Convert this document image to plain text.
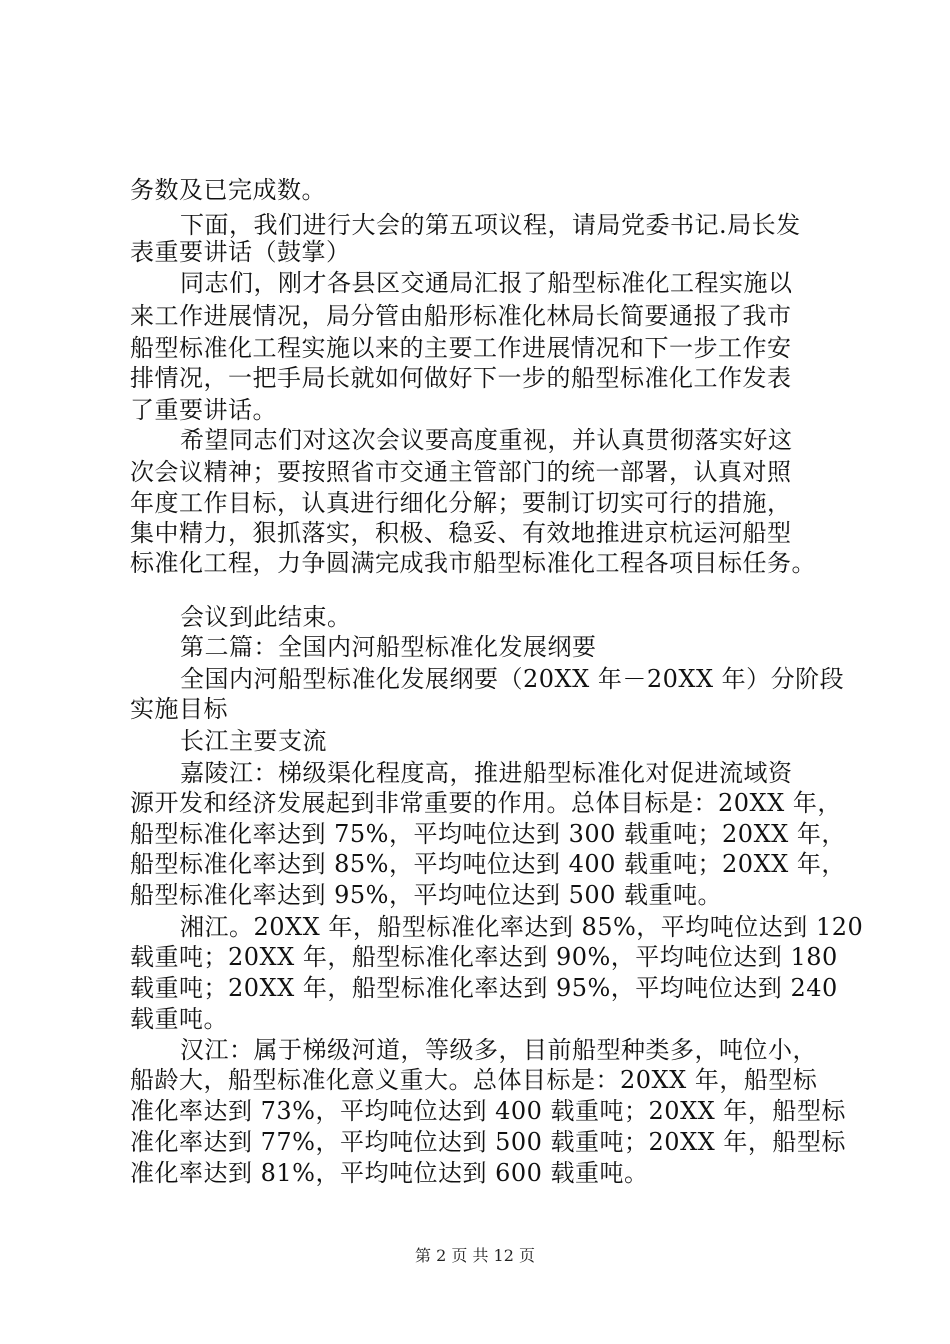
务数及已完成数。
下面，我们进行大会的第五项议程，请局党委书记.局长发
表重要讲话（鼓掌）
同志们，刚才各县区交通局汇报了船型标准化工程实施以
来工作进展情况，局分管由船形标准化林局长简要通报了我市
船型标准化工程实施以来的主要工作进展情况和下一步工作安
排情况，一把手局长就如何做好下一步的船型标准化工作发表
了重要讲话。
希望同志们对这次会议要高度重视，并认真贯彻落实好这
次会议精神；要按照省市交通主管部门的统一部署，认真对照
年度工作目标，认真进行细化分解；要制订切实可行的措施，
集中精力，狠抓落实，积极、稳妥、有效地推进京杭运河船型
标准化工程，力争圆满完成我市船型标准化工程各项目标任务。
会议到此结束。
第二篇：全国内河船型标准化发展纲要
全国内河船型标准化发展纲要（20XX 年－20XX 年）分阶段
实施目标
长江主要支流
嘉陵江：梯级渠化程度高，推进船型标准化对促进流域资
源开发和经济发展起到非常重要的作用。总体目标是：20XX 年，
船型标准化率达到 75%，平均吨位达到 300 载重吨；20XX 年，
船型标准化率达到 85%，平均吨位达到 400 载重吨；20XX 年，
船型标准化率达到 95%，平均吨位达到 500 载重吨。
湘江。20XX 年，船型标准化率达到 85%，平均吨位达到 120
载重吨；20XX 年，船型标准化率达到 90%，平均吨位达到 180
载重吨；20XX 年，船型标准化率达到 95%，平均吨位达到 240
载重吨。
汉江：属于梯级河道，等级多，目前船型种类多，吨位小，
船龄大，船型标准化意义重大。总体目标是：20XX 年，船型标
准化率达到 73%，平均吨位达到 400 载重吨；20XX 年，船型标
准化率达到 77%，平均吨位达到 500 载重吨；20XX 年，船型标
准化率达到 81%，平均吨位达到 600 载重吨。
第 2 页 共 12 页
